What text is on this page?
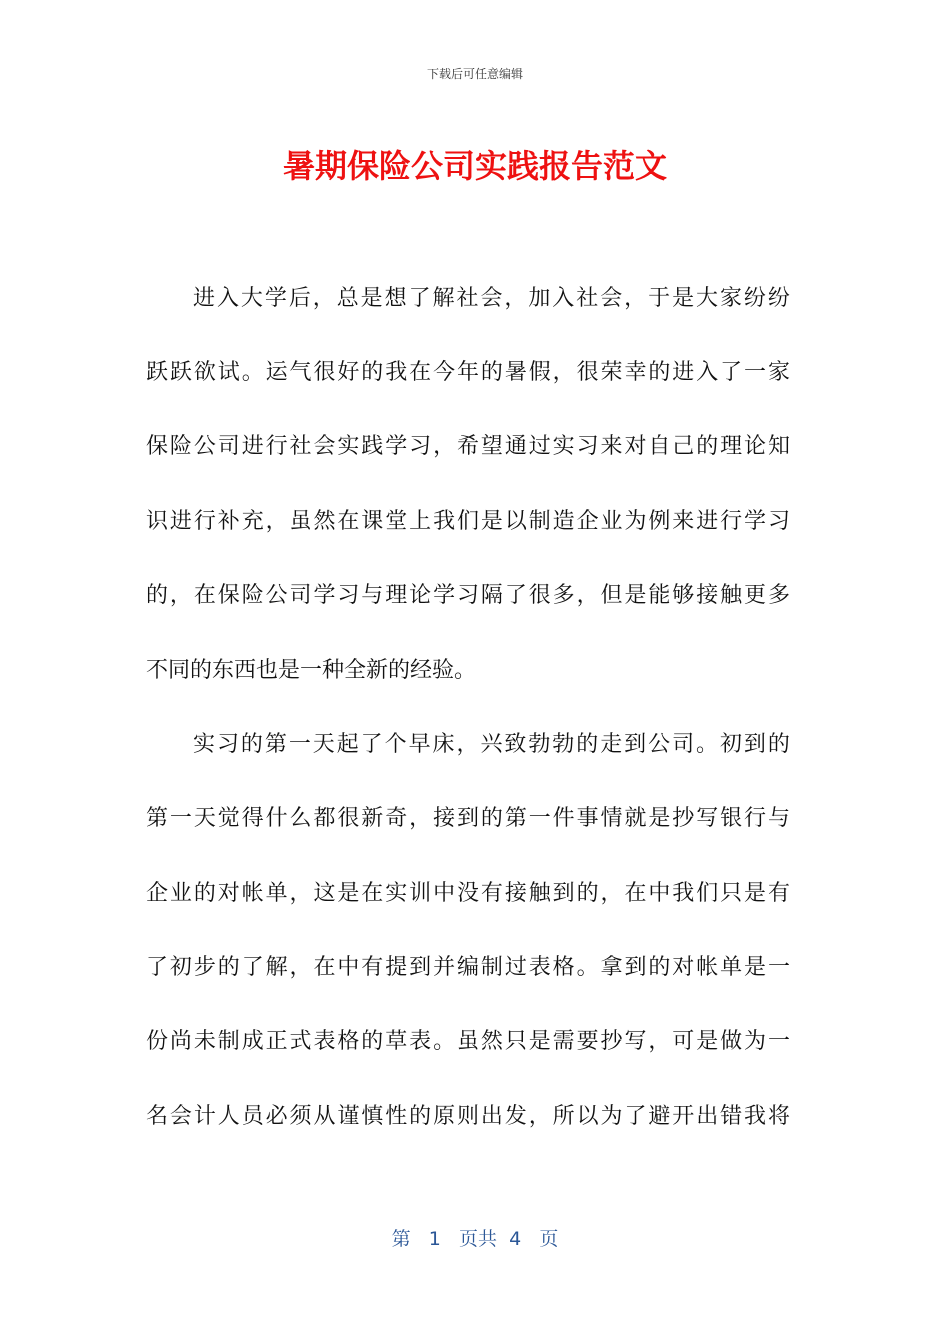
下载后可任意编辑
暑期保险公司实践报告范文
进 入 大 学 后 ， 总 是 想 了 解 社 会 ， 加 入 社 会 ， 于 是 大 家 纷 纷
跃 跃 欲 试 。 运 气 很 好 的 我 在 今 年 的 暑 假 ， 很 荣 幸 的 进 入 了 一 家
保 险 公 司 进 行 社 会 实 践 学 习 ， 希 望 通 过 实 习 来 对 自 己 的 理 论 知
识 进 行 补 充 ， 虽 然 在 课 堂 上 我 们 是 以 制 造 企 业 为 例 来 进 行 学 习
的 ， 在 保 险 公 司 学 习 与 理 论 学 习 隔 了 很 多 ， 但 是 能 够 接 触 更 多
不同的东西也是一种全新的经验。
实 习 的 第 一 天 起 了 个 早 床 ， 兴 致 勃 勃 的 走 到 公 司 。 初 到 的
第 一 天 觉 得 什 么 都 很 新 奇 ， 接 到 的 第 一 件 事 情 就 是 抄 写 银 行 与
企 业 的 对 帐 单 ， 这 是 在 实 训 中 没 有 接 触 到 的 ， 在 中 我 们 只 是 有
了 初 步 的 了 解 ， 在 中 有 提 到 并 编 制 过 表 格 。 拿 到 的 对 帐 单 是 一
份 尚 未 制 成 正 式 表 格 的 草 表 。 虽 然 只 是 需 要 抄 写 ， 可 是 做 为 一
名 会 计 人 员 必 须 从 谨 慎 性 的 原 则 出 发 ， 所 以 为 了 避 开 出 错 我 将
第 1 页共 4 页
